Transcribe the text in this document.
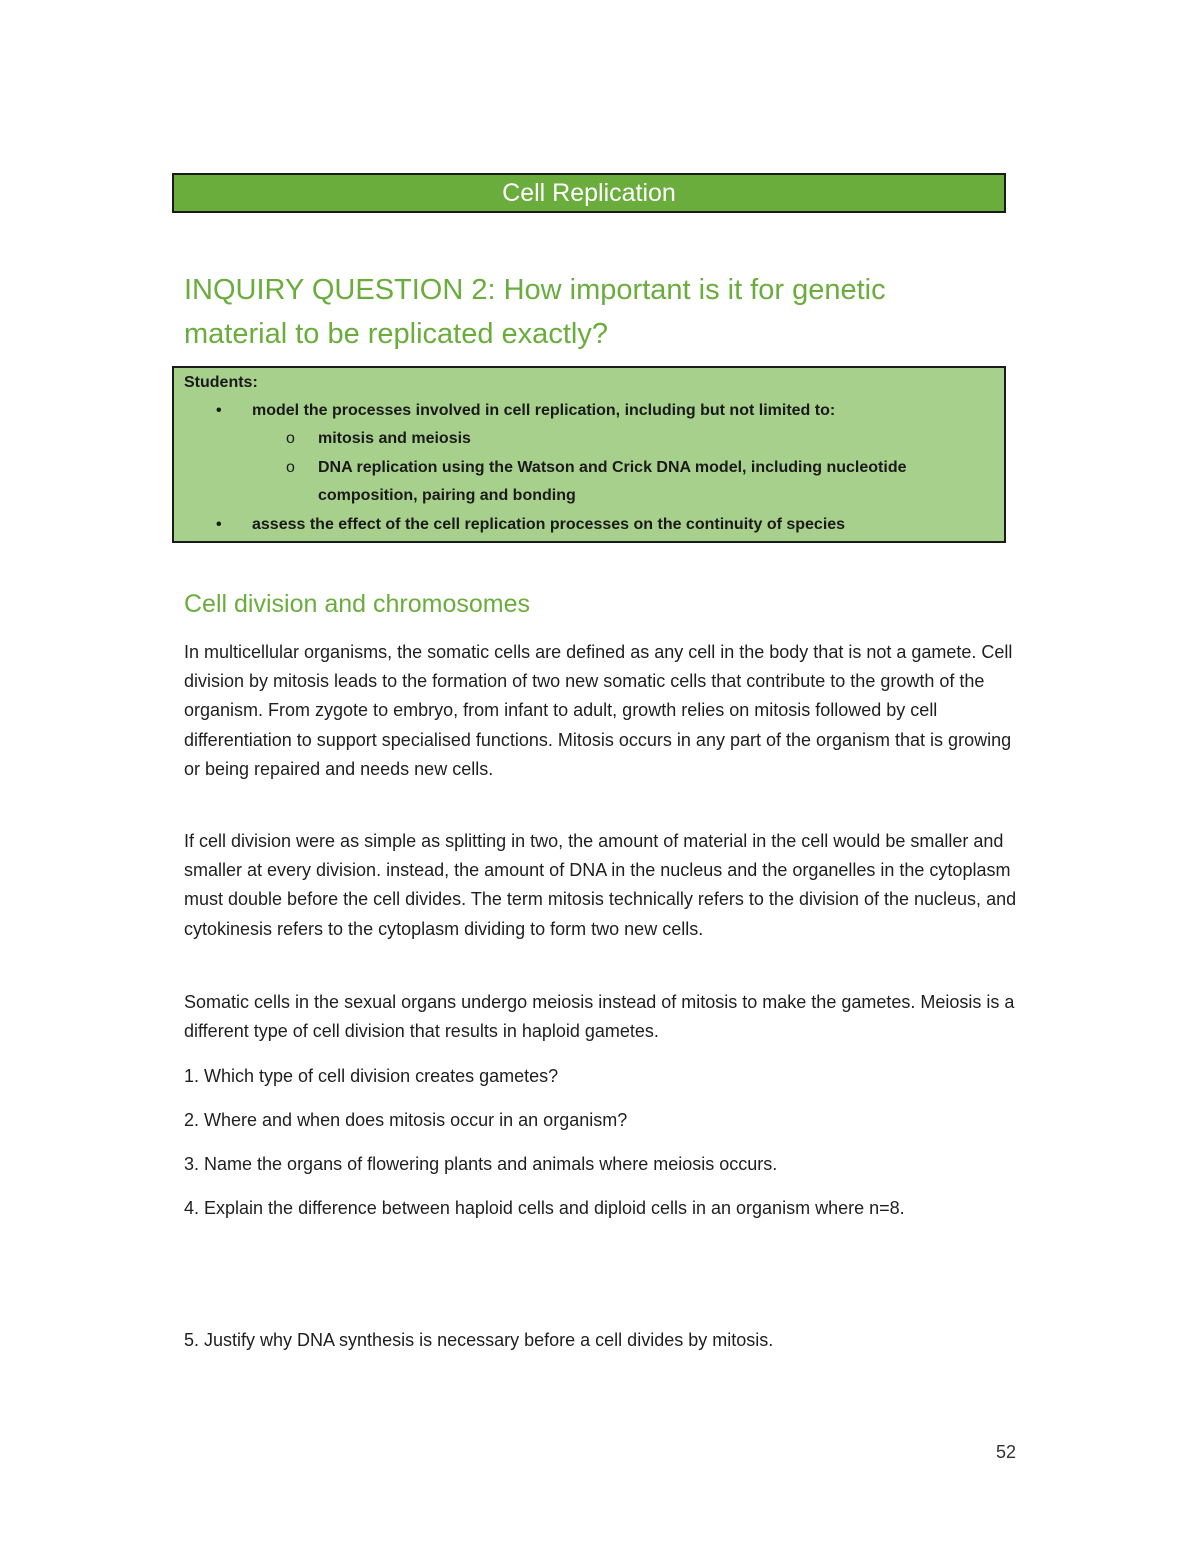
Cell Replication
INQUIRY QUESTION 2: How important is it for genetic
material to be replicated exactly?
Students:
• model the processes involved in cell replication, including but not limited to:
o mitosis and meiosis
o DNA replication using the Watson and Crick DNA model, including nucleotide
composition, pairing and bonding
• assess the effect of the cell replication processes on the continuity of species
Cell division and chromosomes
In multicellular organisms, the somatic cells are defined as any cell in the body that is not a gamete. Cell division by mitosis leads to the formation of two new somatic cells that contribute to the growth of the organism. From zygote to embryo, from infant to adult, growth relies on mitosis followed by cell differentiation to support specialised functions. Mitosis occurs in any part of the organism that is growing or being repaired and needs new cells.
If cell division were as simple as splitting in two, the amount of material in the cell would be smaller and smaller at every division. instead, the amount of DNA in the nucleus and the organelles in the cytoplasm must double before the cell divides. The term mitosis technically refers to the division of the nucleus, and cytokinesis refers to the cytoplasm dividing to form two new cells.
Somatic cells in the sexual organs undergo meiosis instead of mitosis to make the gametes. Meiosis is a different type of cell division that results in haploid gametes.
1. Which type of cell division creates gametes?
2. Where and when does mitosis occur in an organism?
3. Name the organs of flowering plants and animals where meiosis occurs.
4. Explain the difference between haploid cells and diploid cells in an organism where n=8.
5. Justify why DNA synthesis is necessary before a cell divides by mitosis.
52
